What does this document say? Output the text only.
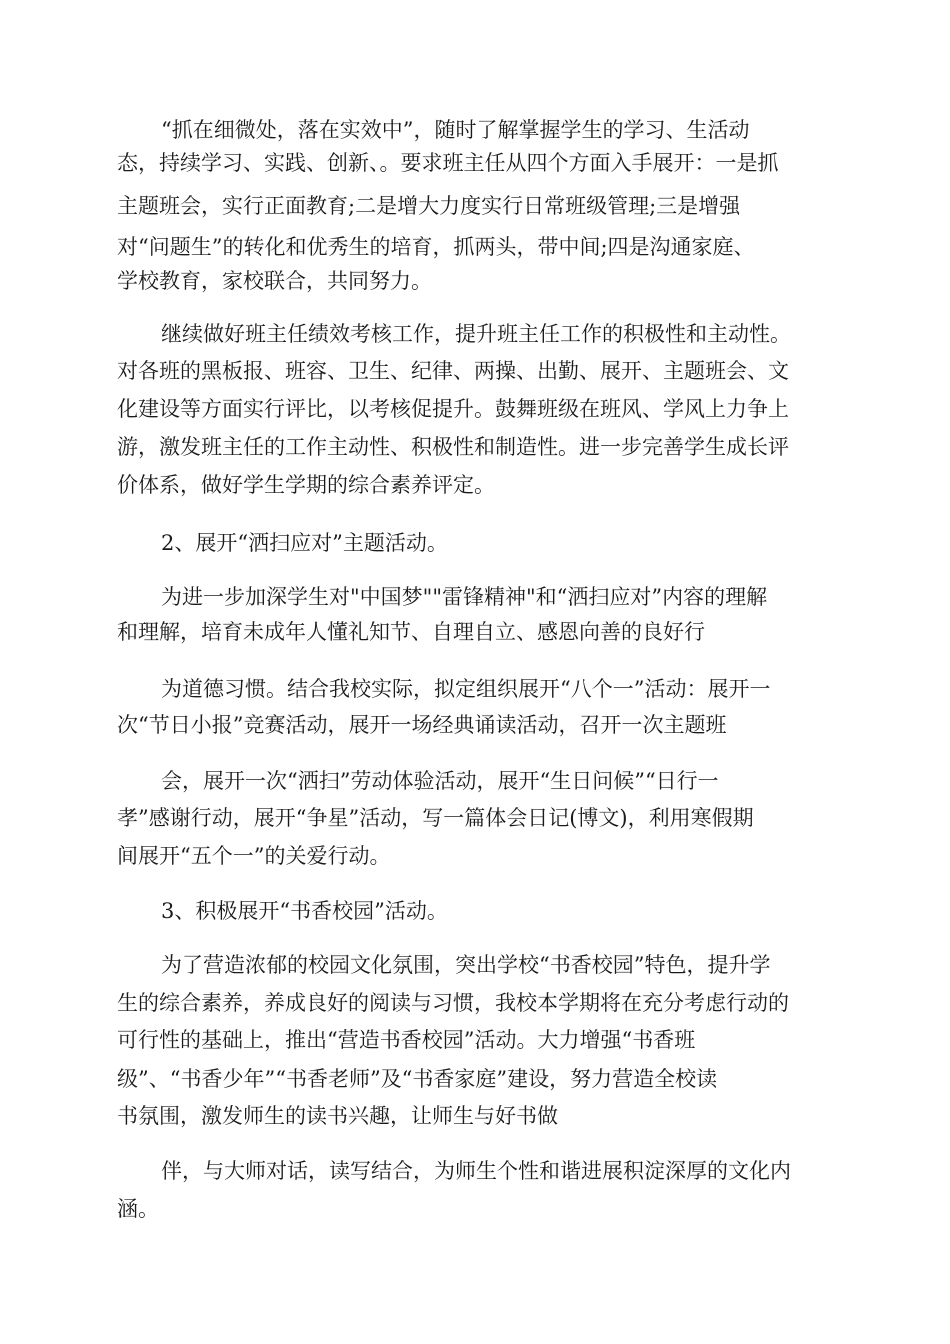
“抓在细微处，落在实效中”，随时了解掌握学生的学习、生活动
态，持续学习、实践、创新、。要求班主任从四个方面入手展开：一是抓
主题班会，实行正面教育;二是增大力度实行日常班级管理;三是增强
对“问题生”的转化和优秀生的培育，抓两头，带中间;四是沟通家庭、
学校教育，家校联合，共同努力。
继续做好班主任绩效考核工作，提升班主任工作的积极性和主动性。
对各班的黑板报、班容、卫生、纪律、两操、出勤、展开、主题班会、文
化建设等方面实行评比，以考核促提升。鼓舞班级在班风、学风上力争上
游，激发班主任的工作主动性、积极性和制造性。进一步完善学生成长评
价体系，做好学生学期的综合素养评定。
2、展开“洒扫应对”主题活动。
为进一步加深学生对"中国梦""雷锋精神"和“洒扫应对”内容的理解
和理解，培育未成年人懂礼知节、自理自立、感恩向善的良好行
为道德习惯。结合我校实际，拟定组织展开“八个一”活动：展开一
次“节日小报”竞赛活动，展开一场经典诵读活动，召开一次主题班
会，展开一次“洒扫”劳动体验活动，展开“生日问候”“日行一
孝”感谢行动，展开“争星”活动，写一篇体会日记(博文)，利用寒假期
间展开“五个一”的关爱行动。
3、积极展开“书香校园”活动。
为了营造浓郁的校园文化氛围，突出学校“书香校园”特色，提升学
生的综合素养，养成良好的阅读与习惯，我校本学期将在充分考虑行动的
可行性的基础上，推出“营造书香校园”活动。大力增强“书香班
级”、“书香少年”“书香老师”及“书香家庭”建设，努力营造全校读
书氛围，激发师生的读书兴趣，让师生与好书做
伴，与大师对话，读写结合，为师生个性和谐进展积淀深厚的文化内
涵。
